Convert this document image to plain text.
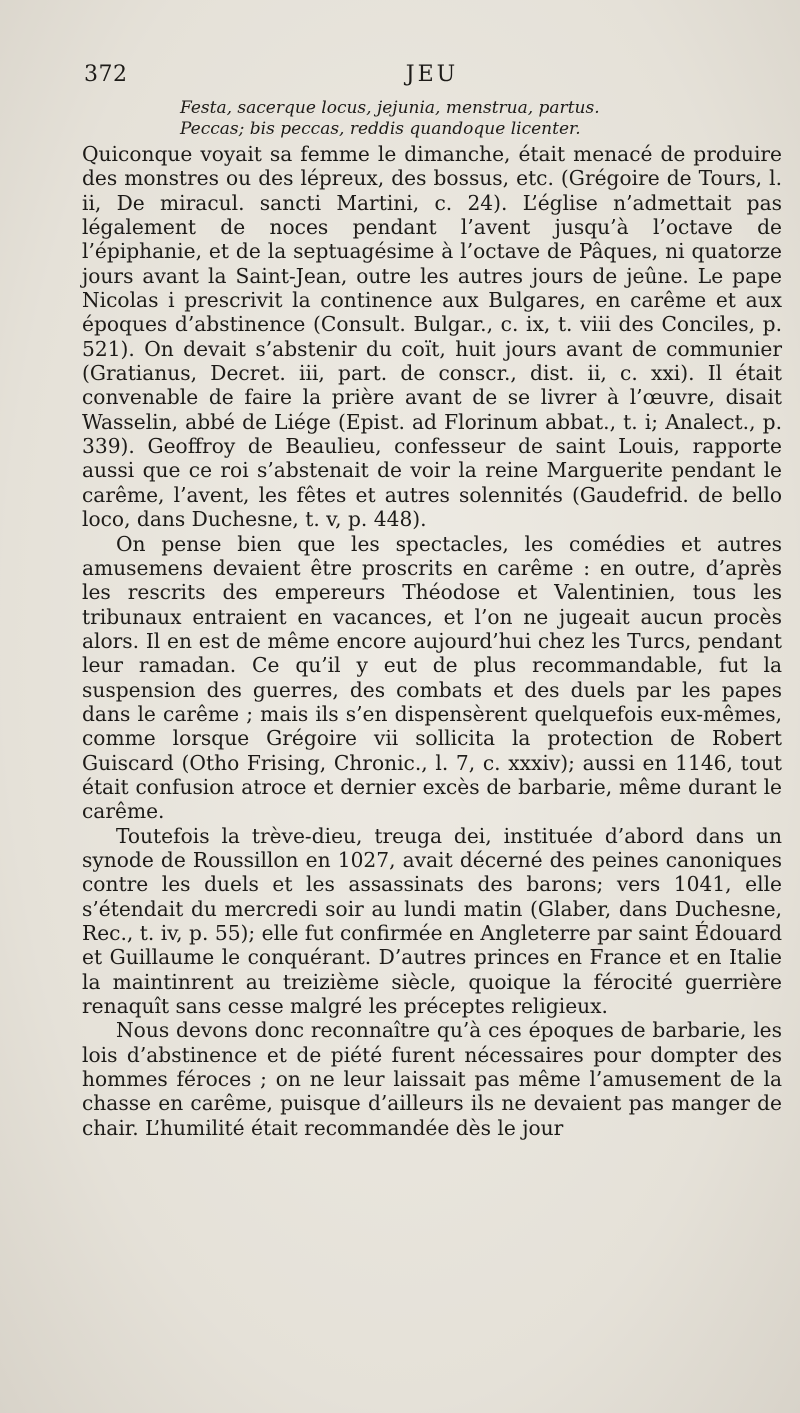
372	JEU
Festa, sacerque locus, jejunia, menstrua, partus.
Peccas; bis peccas, reddis quandoque licenter.

Quiconque voyait sa femme le dimanche, était menacé de produire des monstres ou des lépreux, des bossus, etc. (Grégoire de Tours, l. ii, De miracul. sancti Martini, c. 24). L’église n’admettait pas légalement de noces pendant l’avent jusqu’à l’octave de l’épiphanie, et de la septuagésime à l’octave de Pâques, ni quatorze jours avant la Saint-Jean, outre les autres jours de jeûne. Le pape Nicolas i prescrivit la continence aux Bulgares, en carême et aux époques d’abstinence (Consult. Bulgar., c. ix, t. viii des Conciles, p. 521). On devait s’abstenir du coït, huit jours avant de communier (Gratianus, Decret. iii, part. de conscr., dist. ii, c. xxi). Il était convenable de faire la prière avant de se livrer à l’œuvre, disait Wasselin, abbé de Liége (Epist. ad Florinum abbat., t. i; Analect., p. 339). Geoffroy de Beaulieu, confesseur de saint Louis, rapporte aussi que ce roi s’abstenait de voir la reine Marguerite pendant le carême, l’avent, les fêtes et autres solennités (Gaudefrid. de bello loco, dans Duchesne, t. v, p. 448).

On pense bien que les spectacles, les comédies et autres amusemens devaient être proscrits en carême : en outre, d’après les rescrits des empereurs Théodose et Valentinien, tous les tribunaux entraient en vacances, et l’on ne jugeait aucun procès alors. Il en est de même encore aujourd’hui chez les Turcs, pendant leur ramadan. Ce qu’il y eut de plus recommandable, fut la suspension des guerres, des combats et des duels par les papes dans le carême ; mais ils s’en dispensèrent quelquefois eux-mêmes, comme lorsque Grégoire vii sollicita la protection de Robert Guiscard (Otho Frising, Chronic., l. 7, c. xxxiv); aussi en 1146, tout était confusion atroce et dernier excès de barbarie, même durant le carême.

Toutefois la trève-dieu, treuga dei, instituée d’abord dans un synode de Roussillon en 1027, avait décerné des peines canoniques contre les duels et les assassinats des barons; vers 1041, elle s’étendait du mercredi soir au lundi matin (Glaber, dans Duchesne, Rec., t. iv, p. 55); elle fut confirmée en Angleterre par saint Édouard et Guillaume le conquérant. D’autres princes en France et en Italie la maintinrent au treizième siècle, quoique la férocité guerrière renaquît sans cesse malgré les préceptes religieux.

Nous devons donc reconnaître qu’à ces époques de barbarie, les lois d’abstinence et de piété furent nécessaires pour dompter des hommes féroces ; on ne leur laissait pas même l’amusement de la chasse en carême, puisque d’ailleurs ils ne devaient pas manger de chair. L’humilité était recommandée dès le jour
